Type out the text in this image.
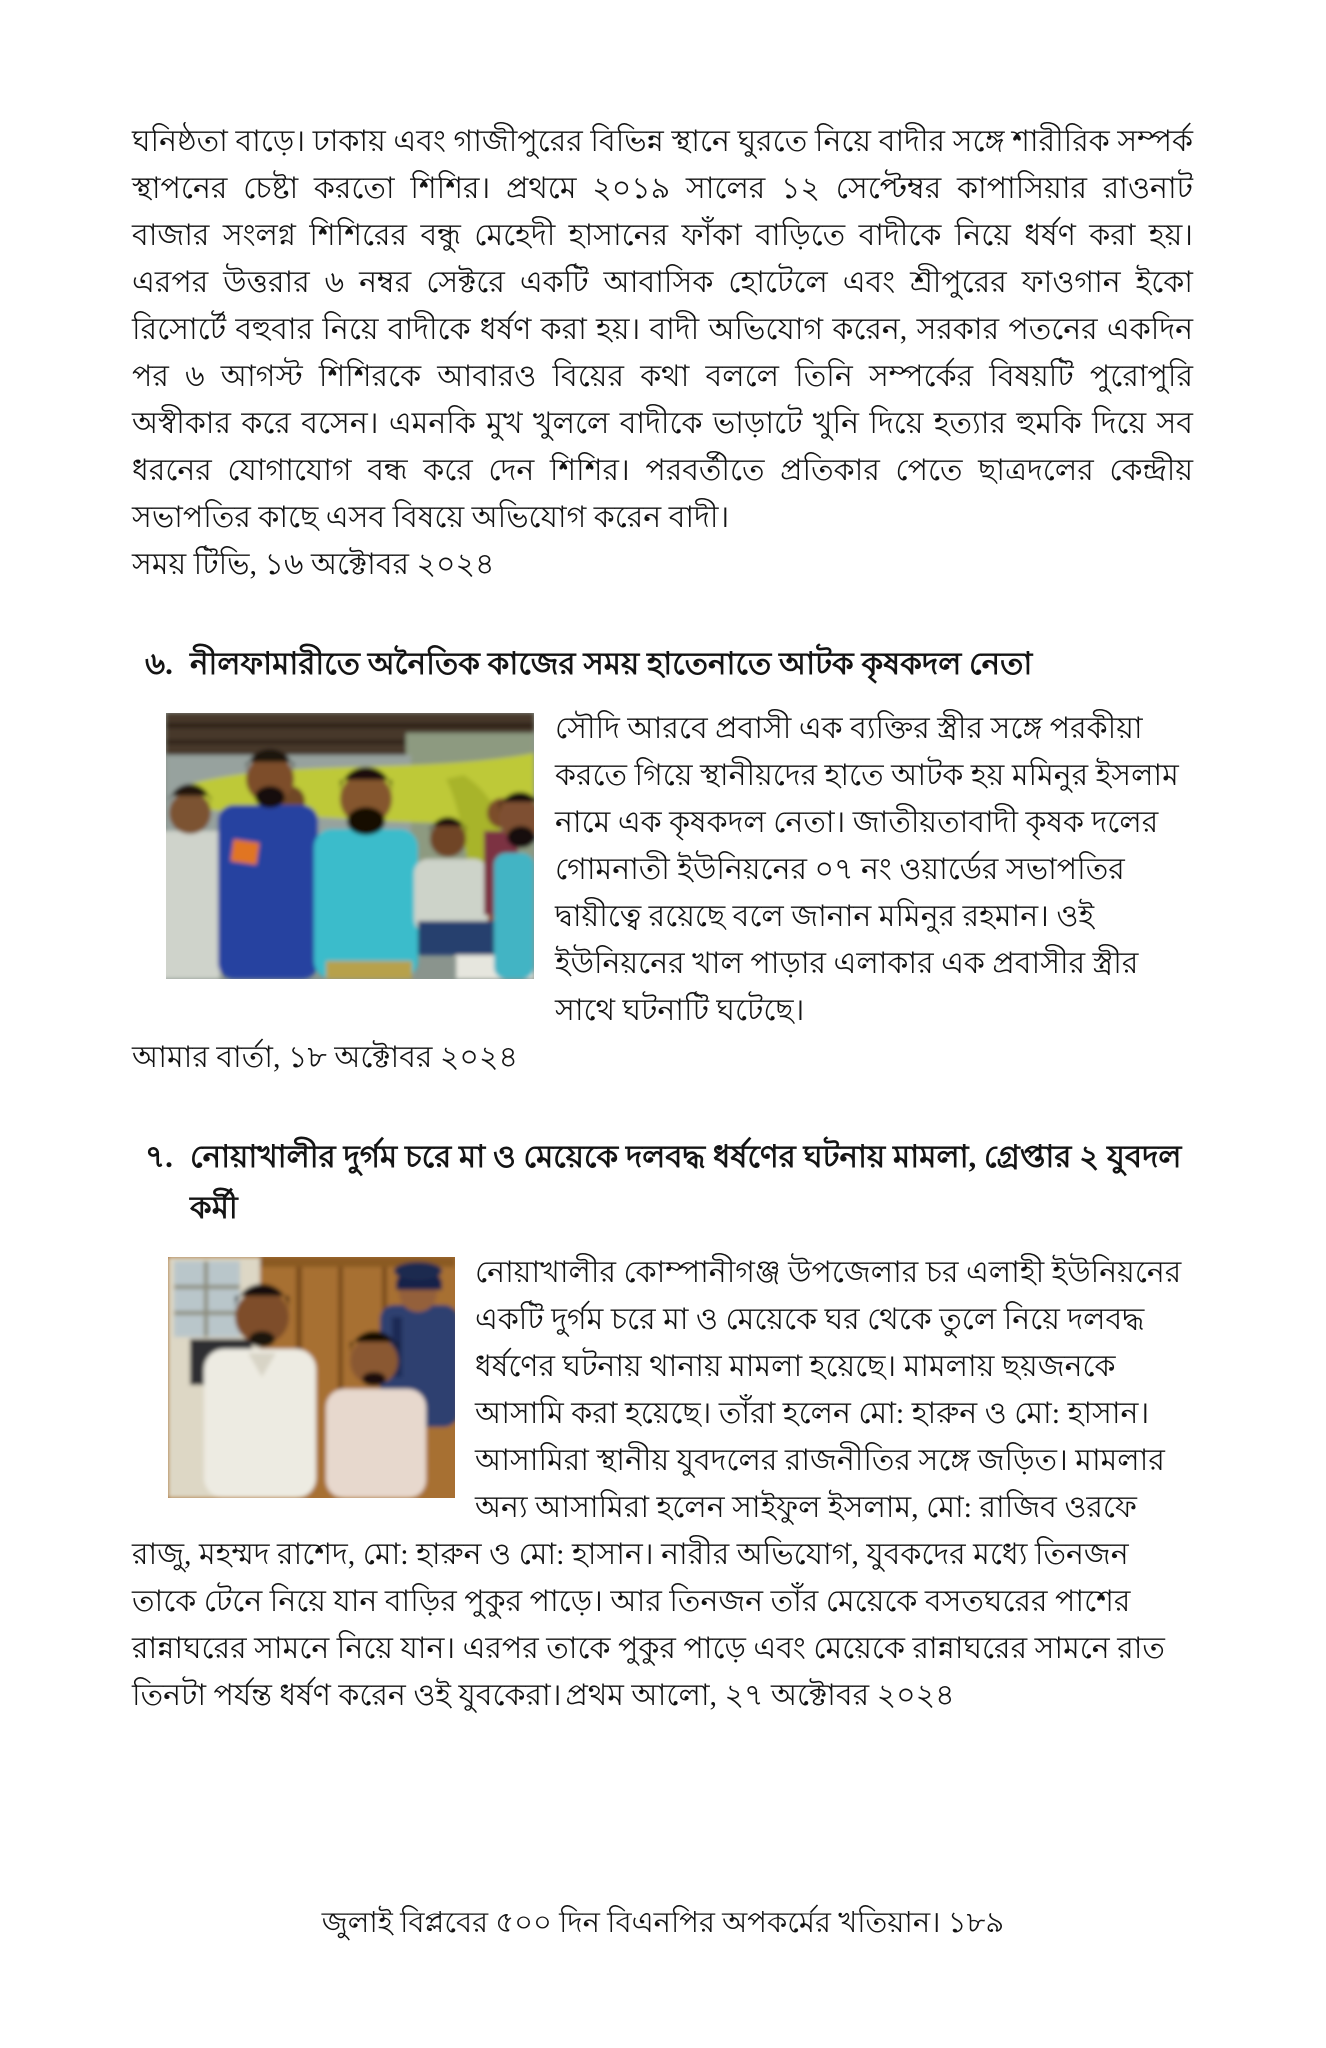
ঘনিষ্ঠতা বাড়ে। ঢাকায় এবং গাজীপুরের বিভিন্ন স্থানে ঘুরতে নিয়ে বাদীর সঙ্গে শারীরিক সম্পর্ক স্থাপনের চেষ্টা করতো শিশির। প্রথমে ২০১৯ সালের ১২ সেপ্টেম্বর কাপাসিয়ার রাওনাট বাজার সংলগ্ন শিশিরের বন্ধু মেহেদী হাসানের ফাঁকা বাড়িতে বাদীকে নিয়ে ধর্ষণ করা হয়। এরপর উত্তরার ৬ নম্বর সেক্টরে একটি আবাসিক হোটেলে এবং শ্রীপুরের ফাওগান ইকো রিসোর্টে বহুবার নিয়ে বাদীকে ধর্ষণ করা হয়। বাদী অভিযোগ করেন, সরকার পতনের একদিন পর ৬ আগস্ট শিশিরকে আবারও বিয়ের কথা বললে তিনি সম্পর্কের বিষয়টি পুরোপুরি অস্বীকার করে বসেন। এমনকি মুখ খুললে বাদীকে ভাড়াটে খুনি দিয়ে হত্যার হুমকি দিয়ে সব ধরনের যোগাযোগ বন্ধ করে দেন শিশির। পরবর্তীতে প্রতিকার পেতে ছাত্রদলের কেন্দ্রীয় সভাপতির কাছে এসব বিষয়ে অভিযোগ করেন বাদী।

সময় টিভি, ১৬ অক্টোবর ২০২৪

৬. নীলফামারীতে অনৈতিক কাজের সময় হাতেনাতে আটক কৃষকদল নেতা
সৌদি আরবে প্রবাসী এক ব্যক্তির স্ত্রীর সঙ্গে পরকীয়া করতে গিয়ে স্থানীয়দের হাতে আটক হয় মমিনুর ইসলাম নামে এক কৃষকদল নেতা। জাতীয়তাবাদী কৃষক দলের গোমনাতী ইউনিয়নের ০৭ নং ওয়ার্ডের সভাপতির দ্বায়ীত্বে রয়েছে বলে জানান মমিনুর রহমান। ওই ইউনিয়নের খাল পাড়ার এলাকার এক প্রবাসীর স্ত্রীর সাথে ঘটনাটি ঘটেছে।

আমার বার্তা, ১৮ অক্টোবর ২০২৪

৭. নোয়াখালীর দুর্গম চরে মা ও মেয়েকে দলবদ্ধ ধর্ষণের ঘটনায় মামলা, গ্রেপ্তার ২ যুবদল কর্মী
নোয়াখালীর কোম্পানীগঞ্জ উপজেলার চর এলাহী ইউনিয়নের একটি দুর্গম চরে মা ও মেয়েকে ঘর থেকে তুলে নিয়ে দলবদ্ধ ধর্ষণের ঘটনায় থানায় মামলা হয়েছে। মামলায় ছয়জনকে আসামি করা হয়েছে। তাঁরা হলেন মো: হারুন ও মো: হাসান। আসামিরা স্থানীয় যুবদলের রাজনীতির সঙ্গে জড়িত। মামলার অন্য আসামিরা হলেন সাইফুল ইসলাম, মো: রাজিব ওরফে রাজু, মহম্মদ রাশেদ, মো: হারুন ও মো: হাসান। নারীর অভিযোগ, যুবকদের মধ্যে তিনজন তাকে টেনে নিয়ে যান বাড়ির পুকুর পাড়ে। আর তিনজন তাঁর মেয়েকে বসতঘরের পাশের রান্নাঘরের সামনে নিয়ে যান। এরপর তাকে পুকুর পাড়ে এবং মেয়েকে রান্নাঘরের সামনে রাত তিনটা পর্যন্ত ধর্ষণ করেন ওই যুবকেরা। প্রথম আলো, ২৭ অক্টোবর ২০২৪
জুলাই বিপ্লবের ৫০০ দিন বিএনপির অপকর্মের খতিয়ান। ১৮৯
